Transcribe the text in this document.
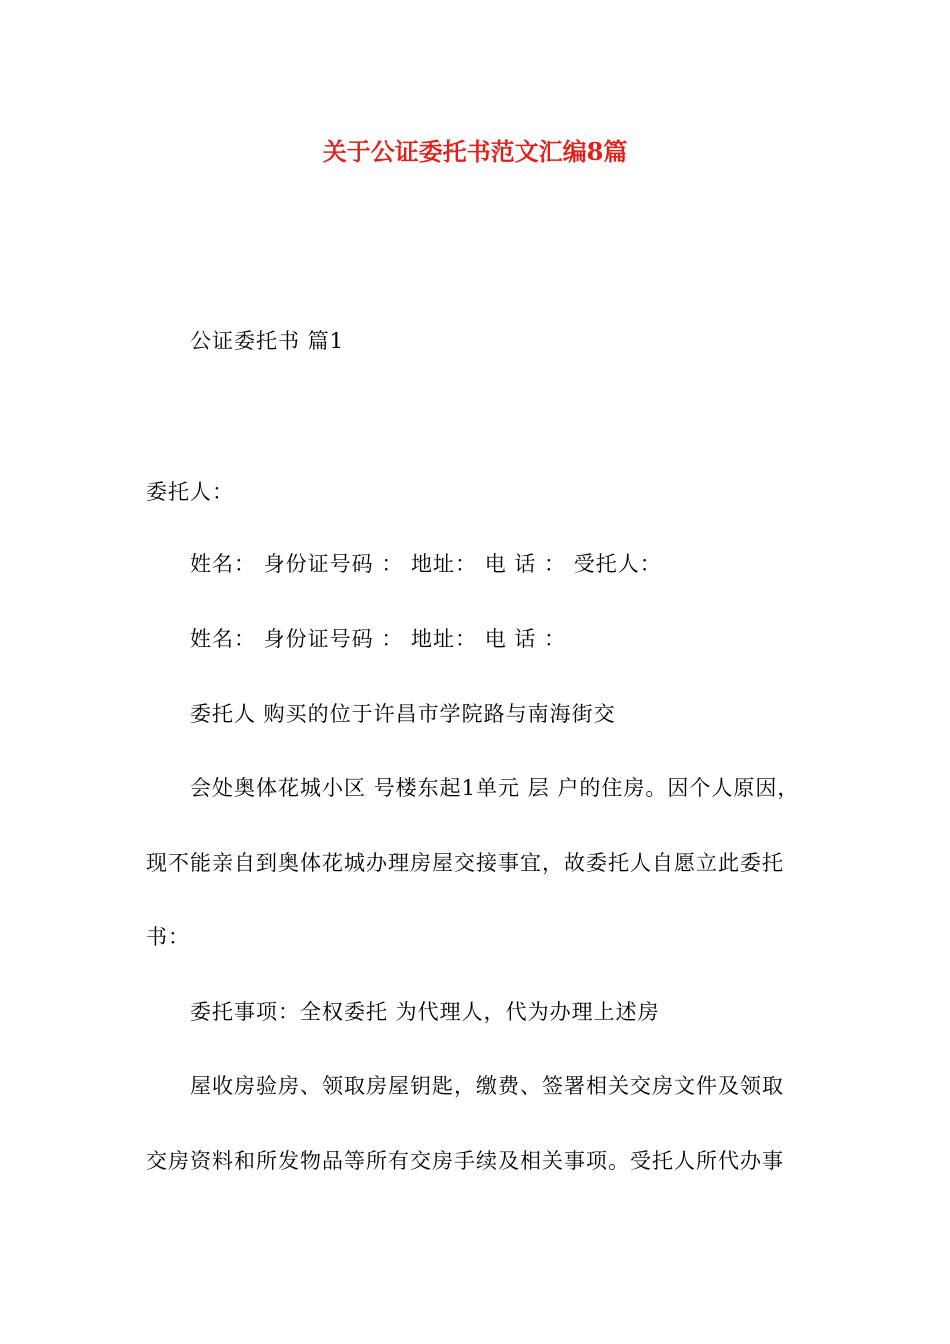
关于公证委托书范文汇编8篇
公证委托书 篇1
委托人：
姓名： 身份证号码 ： 地址： 电 话 ： 受托人：
姓名： 身份证号码 ： 地址： 电 话 ：
委托人 购买的位于许昌市学院路与南海街交
会处奥体花城小区 号楼东起1单元 层 户的住房。因个人原因，
现不能亲自到奥体花城办理房屋交接事宜，故委托人自愿立此委托
书：
委托事项：全权委托 为代理人，代为办理上述房
屋收房验房、领取房屋钥匙，缴费、签署相关交房文件及领取
交房资料和所发物品等所有交房手续及相关事项。受托人所代办事
